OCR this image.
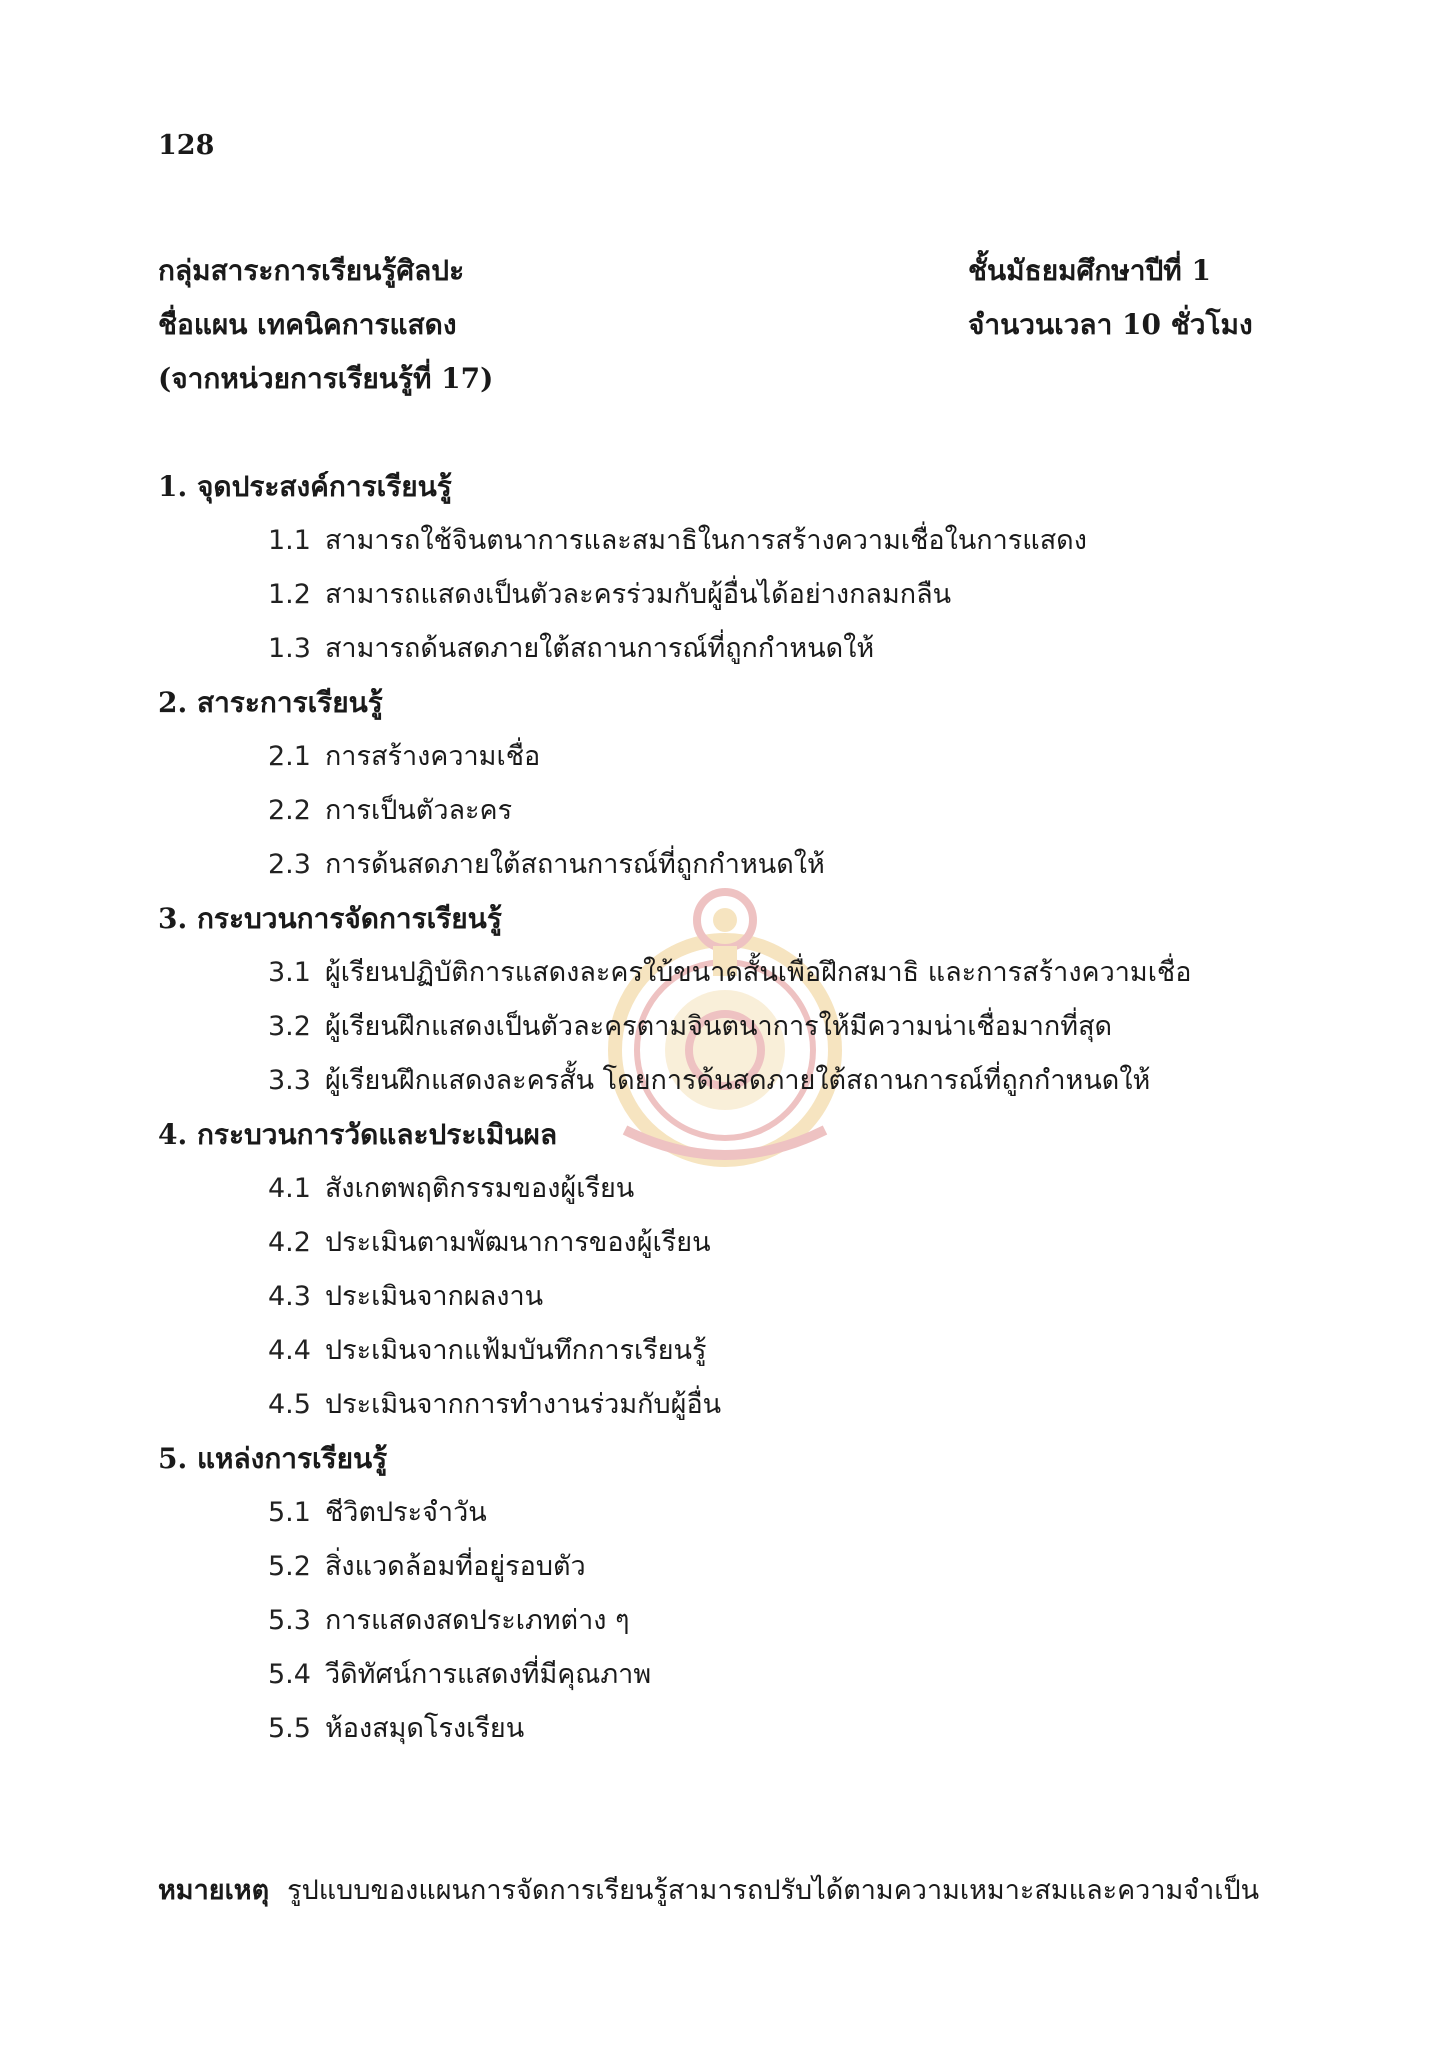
128
กลุ่มสาระการเรียนรู้ศิลปะ
ชื่อแผน เทคนิคการแสดง
(จากหน่วยการเรียนรู้ที่ 17)
ชั้นมัธยมศึกษาปีที่ 1
จำนวนเวลา 10 ชั่วโมง
1. จุดประสงค์การเรียนรู้
1.1 สามารถใช้จินตนาการและสมาธิในการสร้างความเชื่อในการแสดง
1.2 สามารถแสดงเป็นตัวละครร่วมกับผู้อื่นได้อย่างกลมกลืน
1.3 สามารถด้นสดภายใต้สถานการณ์ที่ถูกกำหนดให้
2. สาระการเรียนรู้
2.1 การสร้างความเชื่อ
2.2 การเป็นตัวละคร
2.3 การด้นสดภายใต้สถานการณ์ที่ถูกกำหนดให้
3. กระบวนการจัดการเรียนรู้
3.1 ผู้เรียนปฏิบัติการแสดงละครใบ้ขนาดสั้นเพื่อฝึกสมาธิ และการสร้างความเชื่อ
3.2 ผู้เรียนฝึกแสดงเป็นตัวละครตามจินตนาการให้มีความน่าเชื่อมากที่สุด
3.3 ผู้เรียนฝึกแสดงละครสั้น โดยการด้นสดภายใต้สถานการณ์ที่ถูกกำหนดให้
4. กระบวนการวัดและประเมินผล
4.1 สังเกตพฤติกรรมของผู้เรียน
4.2 ประเมินตามพัฒนาการของผู้เรียน
4.3 ประเมินจากผลงาน
4.4 ประเมินจากแฟ้มบันทึกการเรียนรู้
4.5 ประเมินจากการทำงานร่วมกับผู้อื่น
5. แหล่งการเรียนรู้
5.1 ชีวิตประจำวัน
5.2 สิ่งแวดล้อมที่อยู่รอบตัว
5.3 การแสดงสดประเภทต่าง ๆ
5.4 วีดิทัศน์การแสดงที่มีคุณภาพ
5.5 ห้องสมุดโรงเรียน
หมายเหตุ รูปแบบของแผนการจัดการเรียนรู้สามารถปรับได้ตามความเหมาะสมและความจำเป็น
